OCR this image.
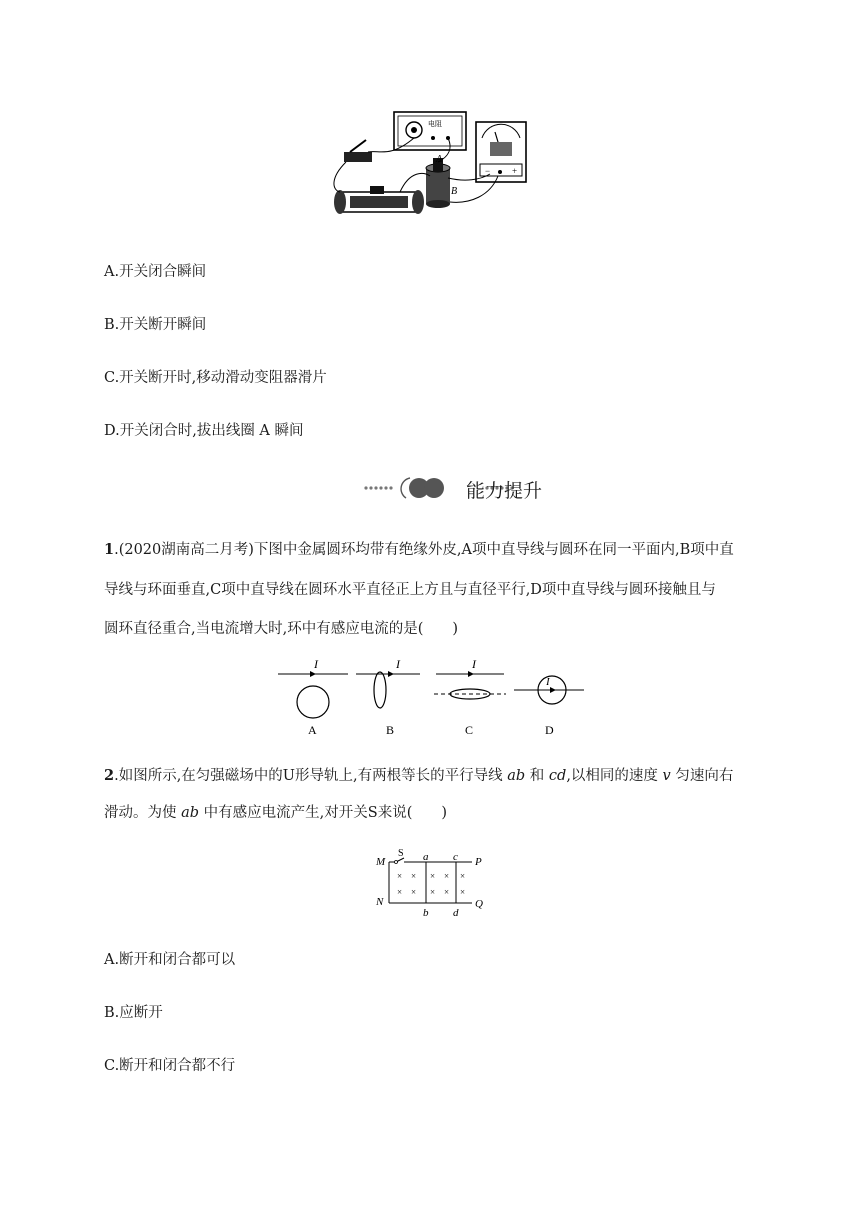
电阻
− +
A
B
A.开关闭合瞬间
B.开关断开瞬间
C.开关断开时,移动滑动变阻器滑片
D.开关闭合时,拔出线圈 A 瞬间
能力提升
1.(2020湖南高二月考)下图中金属圆环均带有绝缘外皮,A项中直导线与圆环在同一平面内,B项中直
导线与环面垂直,C项中直导线在圆环水平直径正上方且与直径平行,D项中直导线与圆环接触且与
圆环直径重合,当电流增大时,环中有感应电流的是(　　)
I
A
I
B
I
C
I
D
2.如图所示,在匀强磁场中的U形导轨上,有两根等长的平行导线 ab 和 cd,以相同的速度 v 匀速向右
滑动。为使 ab 中有感应电流产生,对开关S来说(　　)
M
N
P
Q
a
b
c
d
S
× × × × ×
× × × × ×
A.断开和闭合都可以
B.应断开
C.断开和闭合都不行
